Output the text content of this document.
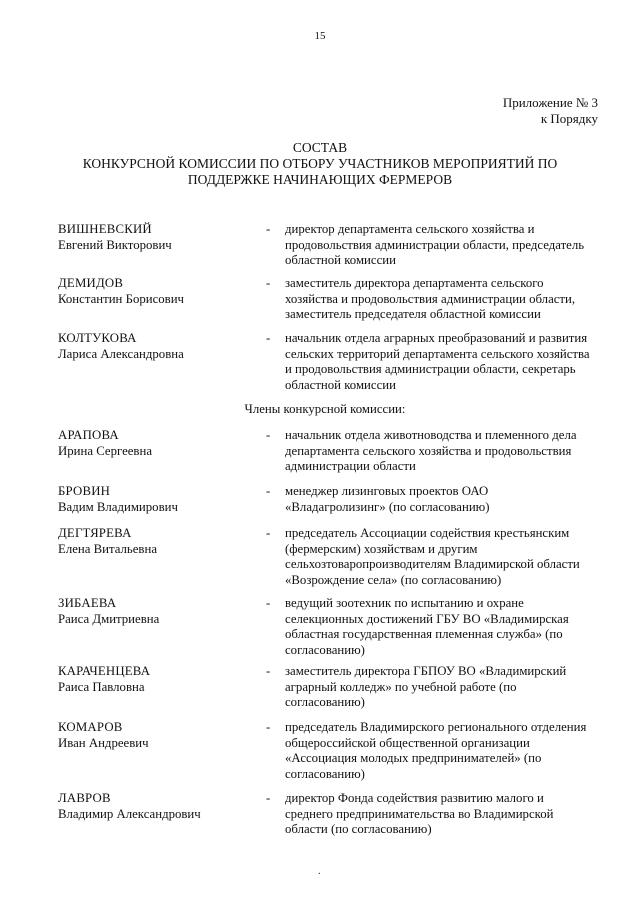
15
Приложение № 3
к Порядку
СОСТАВ
КОНКУРСНОЙ КОМИССИИ ПО ОТБОРУ УЧАСТНИКОВ МЕРОПРИЯТИЙ ПО
ПОДДЕРЖКЕ НАЧИНАЮЩИХ ФЕРМЕРОВ
ВИШНЕВСКИЙ
Евгений Викторович
- директор департамента сельского хозяйства и
продовольствия администрации области, председатель
областной комиссии
ДЕМИДОВ
Константин Борисович
- заместитель директора департамента сельского
хозяйства и продовольствия администрации области,
заместитель председателя областной комиссии
КОЛТУКОВА
Лариса Александровна
- начальник отдела аграрных преобразований и развития
сельских территорий департамента сельского хозяйства
и продовольствия администрации области, секретарь
областной комиссии
Члены конкурсной комиссии:
АРАПОВА
Ирина Сергеевна
- начальник отдела животноводства и племенного дела
департамента сельского хозяйства и продовольствия
администрации области
БРОВИН
Вадим Владимирович
- менеджер лизинговых проектов ОАО
«Владагролизинг» (по согласованию)
ДЕГТЯРЕВА
Елена Витальевна
- председатель Ассоциации содействия крестьянским
(фермерским) хозяйствам и другим
сельхозтоваропроизводителям Владимирской области
«Возрождение села» (по согласованию)
ЗИБАЕВА
Раиса Дмитриевна
- ведущий зоотехник по испытанию и охране
селекционных достижений ГБУ ВО «Владимирская
областная государственная племенная служба» (по
согласованию)
КАРАЧЕНЦЕВА
Раиса Павловна
- заместитель директора ГБПОУ ВО «Владимирский
аграрный колледж» по учебной работе (по
согласованию)
КОМАРОВ
Иван Андреевич
- председатель Владимирского регионального отделения
общероссийской общественной организации
«Ассоциация молодых предпринимателей» (по
согласованию)
ЛАВРОВ
Владимир Александрович
- директор Фонда содействия развитию малого и
среднего предпринимательства во Владимирской
области (по согласованию)
.
